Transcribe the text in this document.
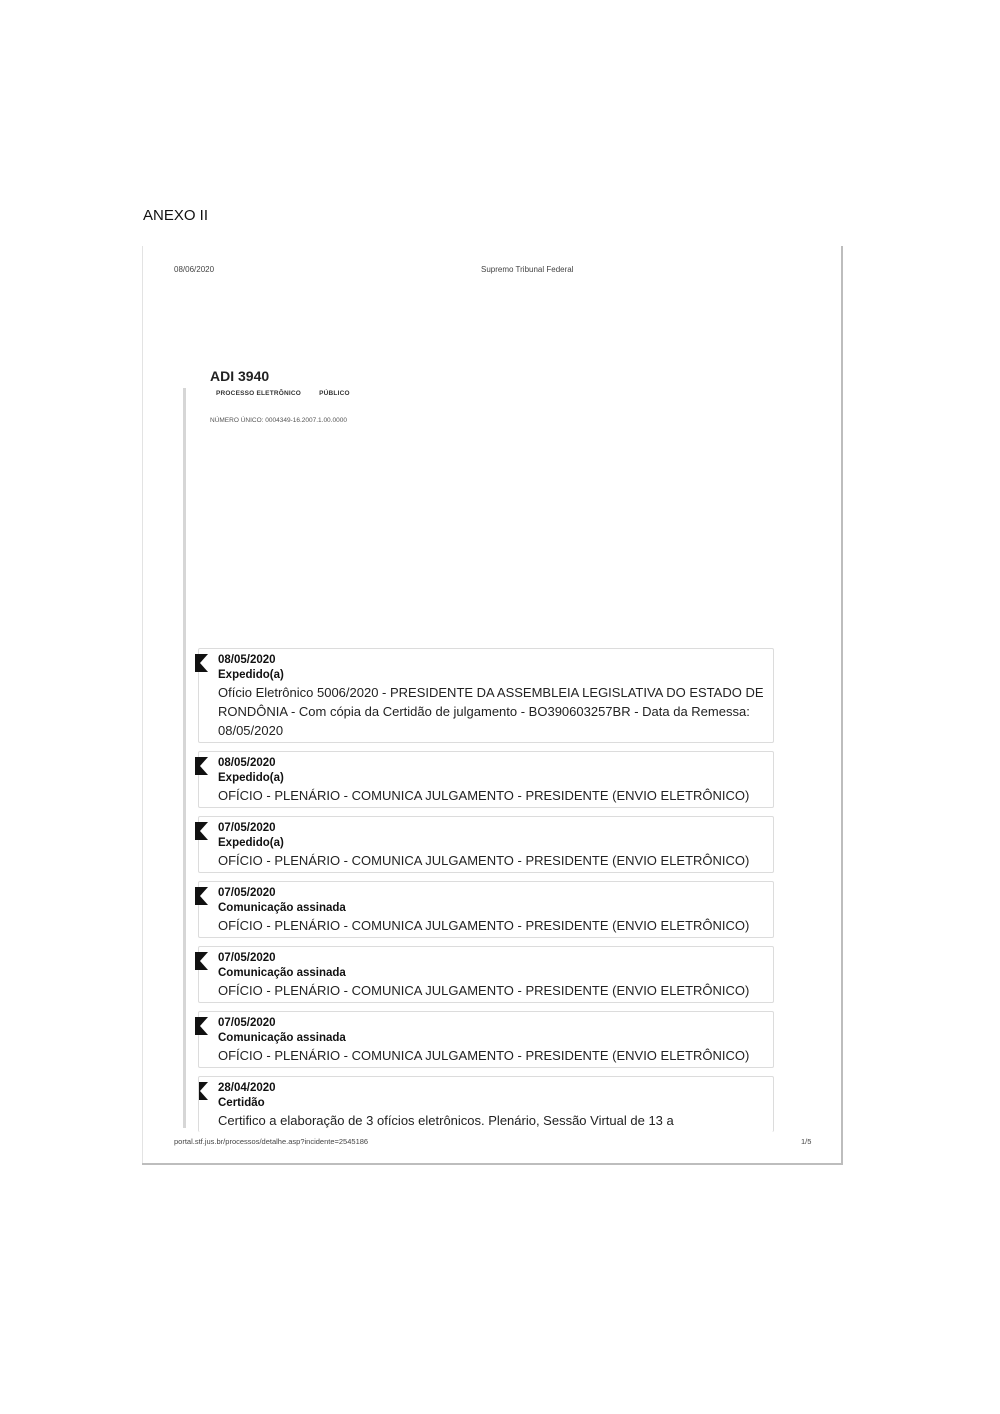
ANEXO II
08/06/2020	Supremo Tribunal Federal
ADI 3940
PROCESSO ELETRÔNICO	PÚBLICO
NÚMERO ÚNICO: 0004349-16.2007.1.00.0000
08/05/2020
Expedido(a)
Ofício Eletrônico 5006/2020 - PRESIDENTE DA ASSEMBLEIA LEGISLATIVA DO ESTADO DE RONDÔNIA - Com cópia da Certidão de julgamento - BO390603257BR - Data da Remessa: 08/05/2020
08/05/2020
Expedido(a)
OFÍCIO - PLENÁRIO - COMUNICA JULGAMENTO - PRESIDENTE (ENVIO ELETRÔNICO)
07/05/2020
Expedido(a)
OFÍCIO - PLENÁRIO - COMUNICA JULGAMENTO - PRESIDENTE (ENVIO ELETRÔNICO)
07/05/2020
Comunicação assinada
OFÍCIO - PLENÁRIO - COMUNICA JULGAMENTO - PRESIDENTE (ENVIO ELETRÔNICO)
07/05/2020
Comunicação assinada
OFÍCIO - PLENÁRIO - COMUNICA JULGAMENTO - PRESIDENTE (ENVIO ELETRÔNICO)
07/05/2020
Comunicação assinada
OFÍCIO - PLENÁRIO - COMUNICA JULGAMENTO - PRESIDENTE (ENVIO ELETRÔNICO)
28/04/2020
Certidão
Certifico a elaboração de 3 ofícios eletrônicos. Plenário, Sessão Virtual de 13 a
portal.stf.jus.br/processos/detalhe.asp?incidente=2545186	1/5
